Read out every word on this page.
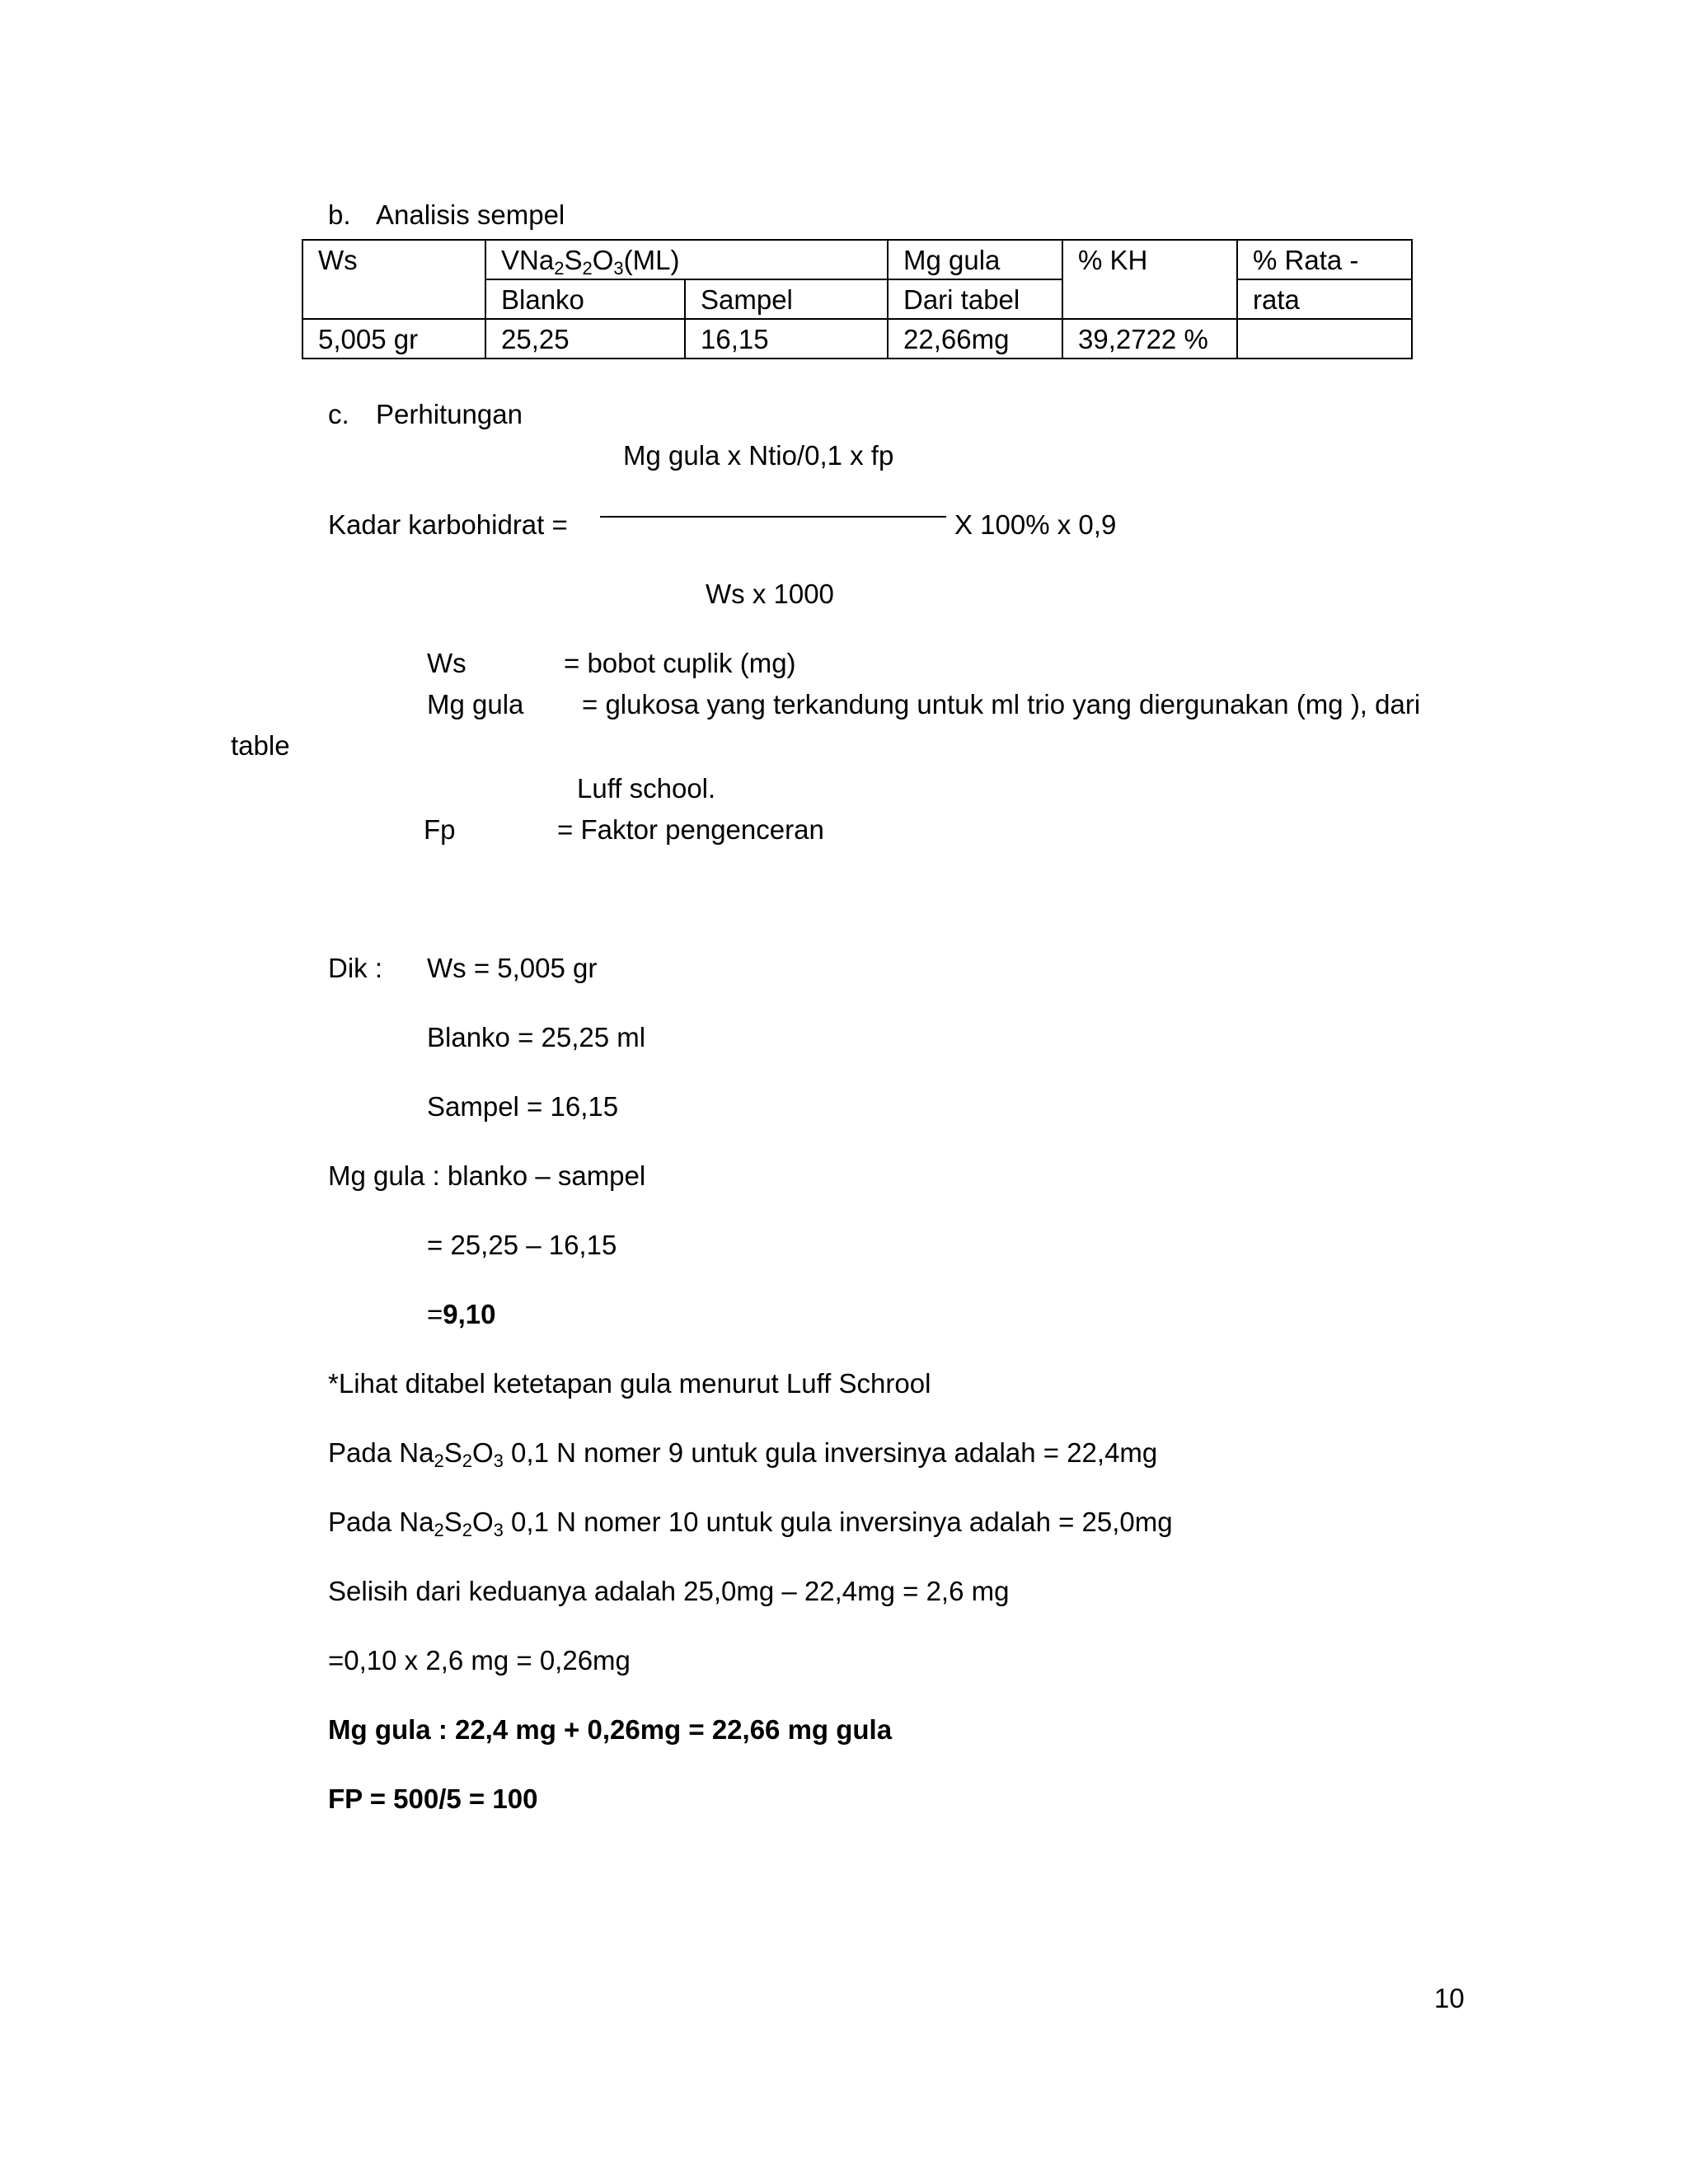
b. Analisis sempel
Ws	$VNa_2S_2O_3(ML)$		Mg gula	% KH	% Rata -
	Blanko	Sampel	Dari tabel		rata
5,005 gr	25,25	16,15	22,66mg	39,2722 %	
c. Perhitungan
Mg gula x Ntio/0,1 x fp
Kadar karbohidrat =	X 100% x 0,9
Ws x 1000
Ws	= bobot cuplik (mg)
Mg gula = glukosa yang terkandung untuk ml trio yang diergunakan (mg ), dari
table
Luff school.
Fp	= Faktor pengenceran
Dik : Ws = 5,005 gr
Blanko = 25,25 ml
Sampel = 16,15
Mg gula : blanko – sampel
= 25,25 – 16,15
=9,10
*Lihat ditabel ketetapan gula menurut Luff Schrool
Pada $Na_2S_2O_3$ 0,1 N nomer 9 untuk gula inversinya adalah = 22,4mg
Pada $Na_2S_2O_3$ 0,1 N nomer 10 untuk gula inversinya adalah = 25,0mg
Selisih dari keduanya adalah 25,0mg – 22,4mg = 2,6 mg
=0,10 x 2,6 mg = 0,26mg
Mg gula : 22,4 mg + 0,26mg = 22,66 mg gula
FP = 500/5 = 100
10
